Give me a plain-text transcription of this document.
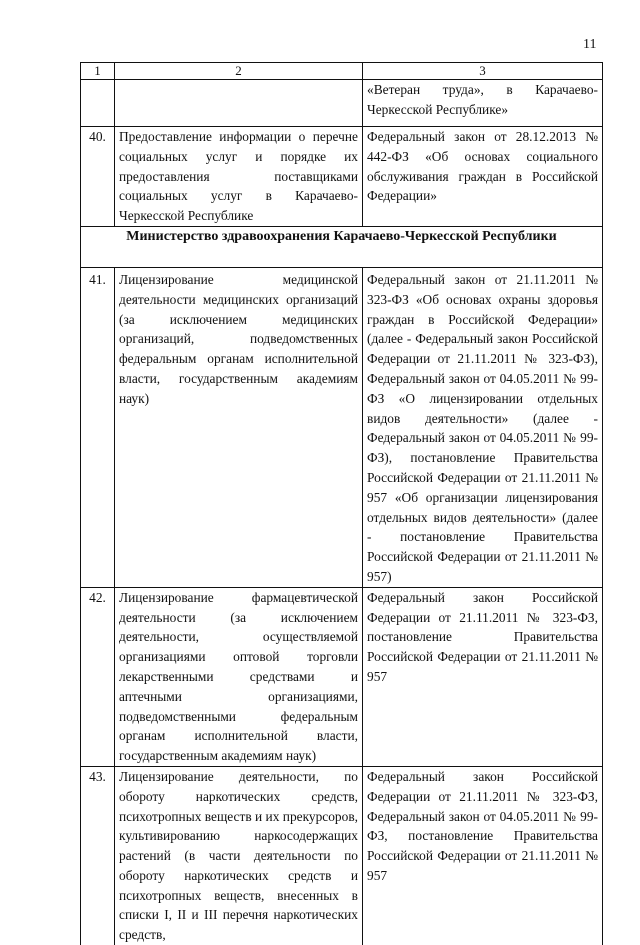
11
1	2	3
		«Ветеран труда», в Карачаево-Черкесской Республике»
40.	Предоставление информации о перечне социальных услуг и порядке их предоставления поставщиками социальных услуг в Карачаево-Черкесской Республике	Федеральный закон от 28.12.2013 № 442-ФЗ «Об основах социального обслуживания граждан в Российской Федерации»
Министерство здравоохранения Карачаево-Черкесской Республики		
41.	Лицензирование медицинской деятельности медицинских организаций (за исключением медицинских организаций, подведомственных федеральным органам исполнительной власти, государственным академиям наук)	Федеральный закон от 21.11.2011 № 323-ФЗ «Об основах охраны здоровья граждан в Российской Федерации» (далее - Федеральный закон Российской Федерации от 21.11.2011 № 323-ФЗ), Федеральный закон от 04.05.2011 № 99-ФЗ «О лицензировании отдельных видов деятельности» (далее - Федеральный закон от 04.05.2011 № 99-ФЗ), постановление Правительства Российской Федерации от 21.11.2011 № 957 «Об организации лицензирования отдельных видов деятельности» (далее - постановление Правительства Российской Федерации от 21.11.2011 № 957)
42.	Лицензирование фармацевтической деятельности (за исключением деятельности, осуществляемой организациями оптовой торговли лекарственными средствами и аптечными организациями, подведомственными федеральным органам исполнительной власти, государственным академиям наук)	Федеральный закон Российской Федерации от 21.11.2011 № 323-ФЗ, постановление Правительства Российской Федерации от 21.11.2011 № 957
43.	Лицензирование деятельности, по обороту наркотических средств, психотропных веществ и их прекурсоров, культивированию наркосодержащих растений (в части деятельности по обороту наркотических средств и психотропных веществ, внесенных в списки I, II и III перечня наркотических средств,	Федеральный закон Российской Федерации от 21.11.2011 № 323-ФЗ, Федеральный закон от 04.05.2011 № 99-ФЗ, постановление Правительства Российской Федерации от 21.11.2011 № 957
